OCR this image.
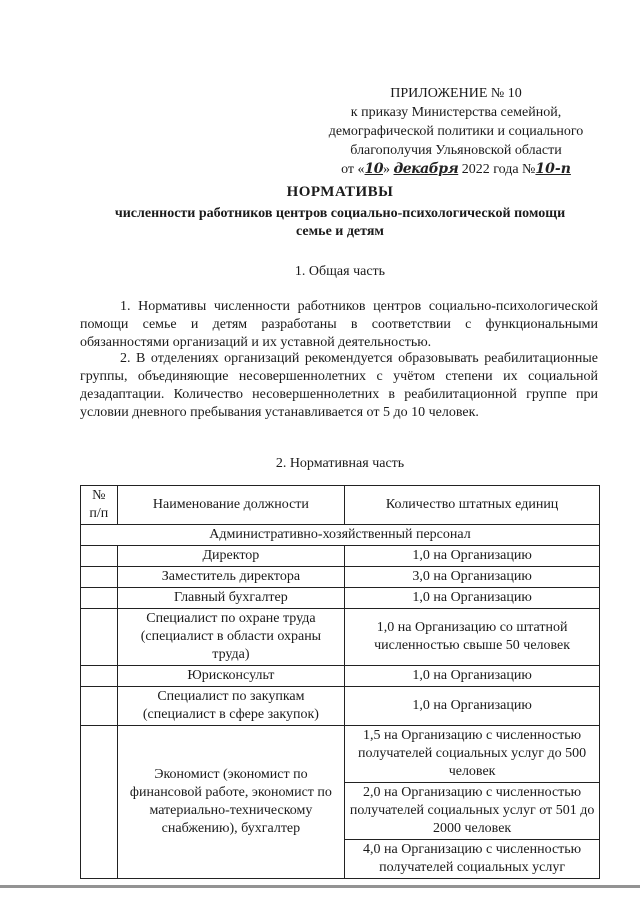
ПРИЛОЖЕНИЕ № 10
к приказу Министерства семейной,
демографической политики и социального
благополучия Ульяновской области
от «10» декабря 2022 года №10-п
НОРМАТИВЫ
численности работников центров социально-психологической помощи
семье и детям
1. Общая часть
1. Нормативы численности работников центров социально-психологической помощи семье и детям разработаны в соответствии с функциональными обязанностями организаций и их уставной деятельностью.
2. В отделениях организаций рекомендуется образовывать реабилитационные группы, объединяющие несовершеннолетних с учётом степени их социальной дезадаптации. Количество несовершеннолетних в реабилитационной группе при условии дневного пребывания устанавливается от 5 до 10 человек.
2. Нормативная часть
№ п/п	Наименование должности	Количество штатных единиц
Административно-хозяйственный персонал		
	Директор	1,0 на Организацию
	Заместитель директора	3,0 на Организацию
	Главный бухгалтер	1,0 на Организацию
	Специалист по охране труда (специалист в области охраны труда)	1,0 на Организацию со штатной численностью свыше 50 человек
	Юрисконсульт	1,0 на Организацию
	Специалист по закупкам (специалист в сфере закупок)	1,0 на Организацию
	Экономист (экономист по финансовой работе, экономист по материально-техническому снабжению), бухгалтер	1,5 на Организацию с численностью получателей социальных услуг до 500 человек
		2,0 на Организацию с численностью получателей социальных услуг от 501 до 2000 человек
		4,0 на Организацию с численностью получателей социальных услуг
